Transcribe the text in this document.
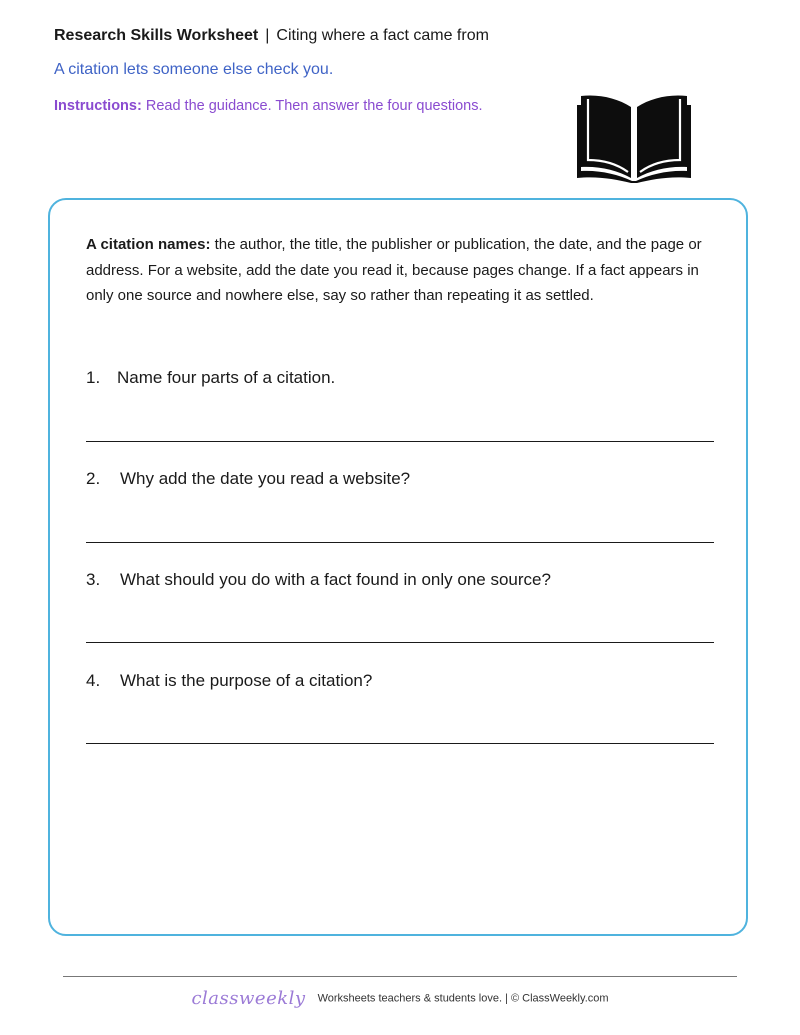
Research Skills Worksheet | Citing where a fact came from
A citation lets someone else check you.
Instructions: Read the guidance. Then answer the four questions.
A citation names: the author, the title, the publisher or publication, the date, and the page or address. For a website, add the date you read it, because pages change. If a fact appears in only one source and nowhere else, say so rather than repeating it as settled.
1. Name four parts of a citation.
2. Why add the date you read a website?
3. What should you do with a fact found in only one source?
4. What is the purpose of a citation?
classweekly Worksheets teachers & students love. | © ClassWeekly.com
